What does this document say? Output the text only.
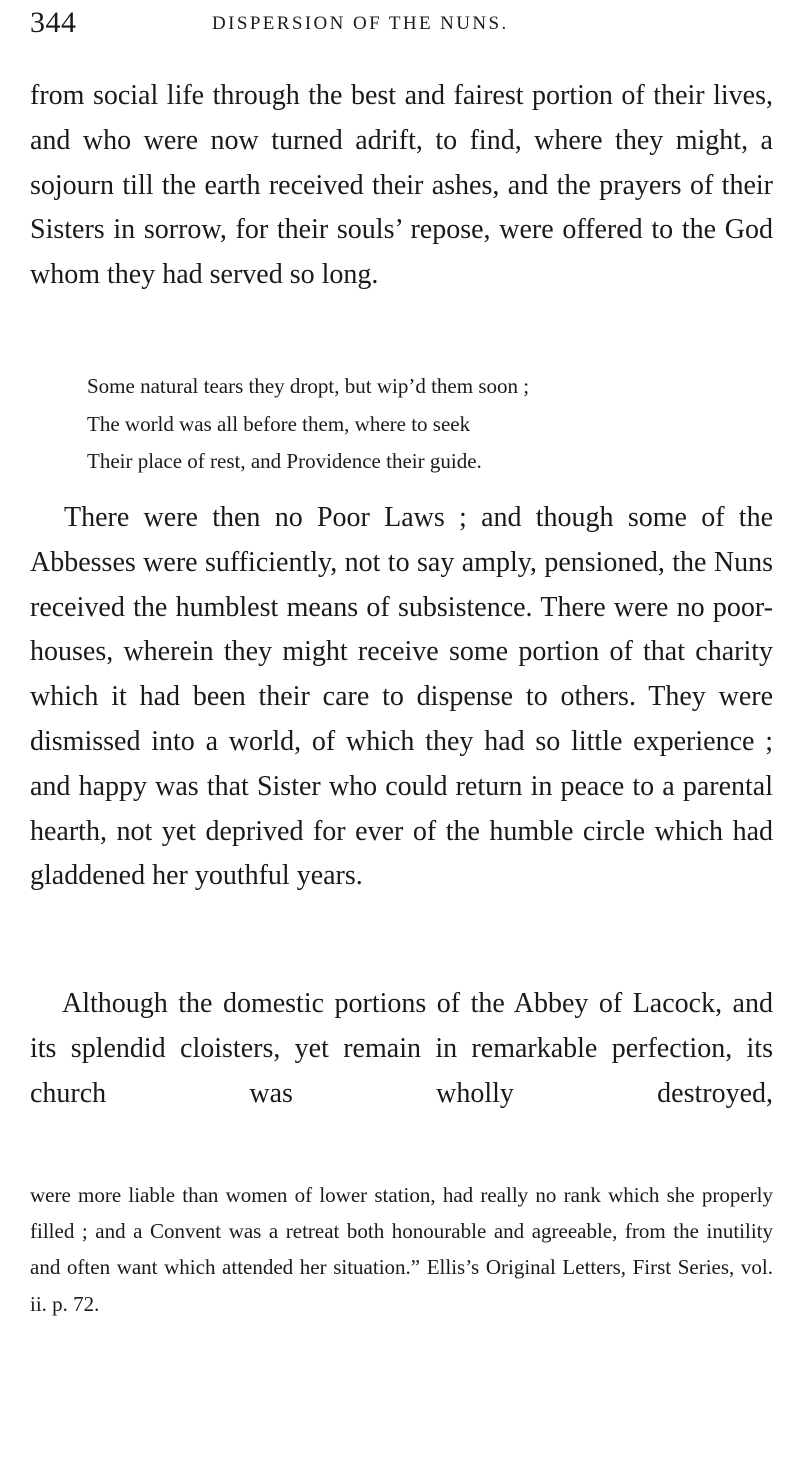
344	DISPERSION OF THE NUNS.

from social life through the best and fairest portion of their lives, and who were now turned adrift, to find, where they might, a sojourn till the earth received their ashes, and the prayers of their Sisters in sorrow, for their souls’ repose, were offered to the God whom they had served so long.

Some natural tears they dropt, but wip’d them soon ;
The world was all before them, where to seek
Their place of rest, and Providence their guide.

There were then no Poor Laws ; and though some of the Abbesses were sufficiently, not to say amply, pensioned, the Nuns received the humblest means of subsistence. There were no poor-houses, wherein they might receive some portion of that charity which it had been their care to dispense to others. They were dismissed into a world, of which they had so little experience ; and happy was that Sister who could return in peace to a parental hearth, not yet deprived for ever of the humble circle which had gladdened her youthful years.

Although the domestic portions of the Abbey of Lacock, and its splendid cloisters, yet remain in remarkable perfection, its church was wholly destroyed,

were more liable than women of lower station, had really no rank which she properly filled ; and a Convent was a retreat both honourable and agreeable, from the inutility and often want which attended her situation.” Ellis’s Original Letters, First Series, vol. ii. p. 72.
